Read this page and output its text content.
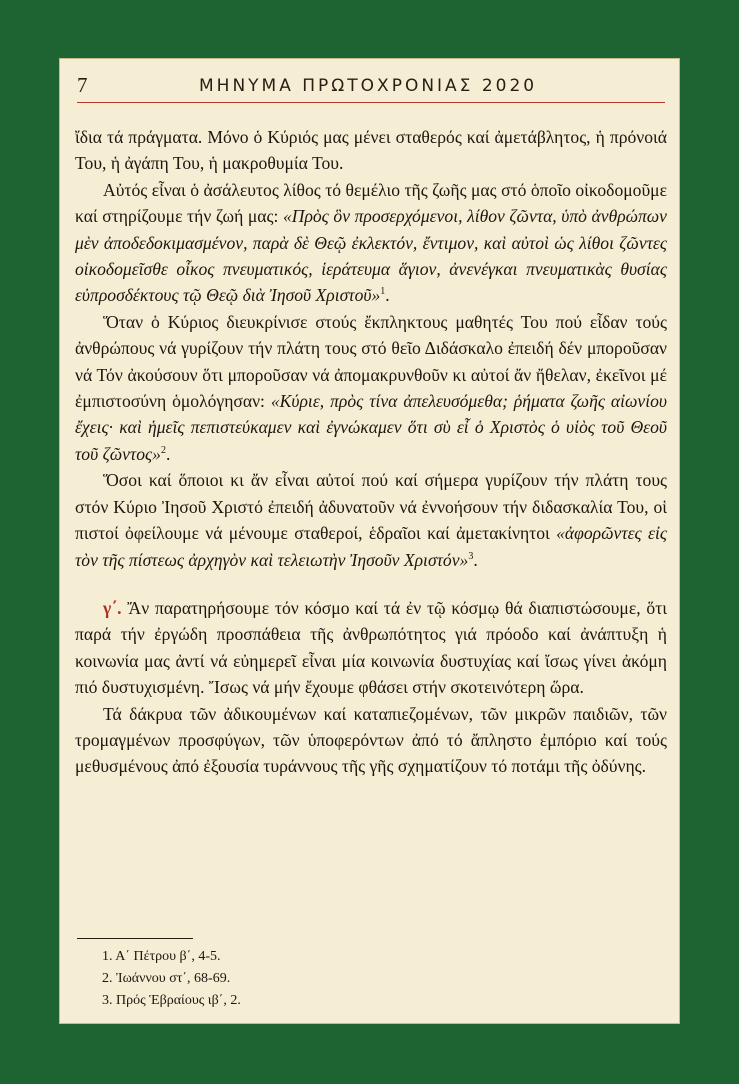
7	ΜΗΝΥΜΑ ΠΡΩΤΟΧΡΟΝΙΑΣ 2020

ἴδια τά πράγματα. Μόνο ὁ Κύριός μας μένει σταθερός καί ἀμετάβλητος, ἡ πρόνοιά Του, ἡ ἀγάπη Του, ἡ μακροθυμία Του.

Αὐτός εἶναι ὁ ἀσάλευτος λίθος τό θεμέλιο τῆς ζωῆς μας στό ὁποῖο οἰκοδομοῦμε καί στηρίζουμε τήν ζωή μας: «Πρὸς ὃν προσερχόμενοι, λίθον ζῶντα, ὑπὸ ἀνθρώπων μὲν ἀποδεδοκιμασμένον, παρὰ δὲ Θεῷ ἐκλεκτόν, ἔντιμον, καὶ αὐτοὶ ὡς λίθοι ζῶντες οἰκοδομεῖσθε οἶκος πνευματικός, ἱεράτευμα ἅγιον, ἀνενέγκαι πνευματικὰς θυσίας εὐπροσδέκτους τῷ Θεῷ διὰ Ἰησοῦ Χριστοῦ»$^1$.

Ὅταν ὁ Κύριος διευκρίνισε στούς ἔκπληκτους μαθητές Του πού εἶδαν τούς ἀνθρώπους νά γυρίζουν τήν πλάτη τους στό θεῖο Διδάσκαλο ἐπειδή δέν μποροῦσαν νά Τόν ἀκούσουν ὅτι μποροῦσαν νά ἀπομακρυνθοῦν κι αὐτοί ἄν ἤθελαν, ἐκεῖνοι μέ ἐμπιστοσύνη ὁμολόγησαν: «Κύριε, πρὸς τίνα ἀπελευσόμεθα; ῥήματα ζωῆς αἰωνίου ἔχεις· καὶ ἡμεῖς πεπιστεύκαμεν καὶ ἐγνώκαμεν ὅτι σὺ εἶ ὁ Χριστὸς ὁ υἱὸς τοῦ Θεοῦ τοῦ ζῶντος»$^2$.

Ὅσοι καί ὅποιοι κι ἄν εἶναι αὐτοί πού καί σήμερα γυρίζουν τήν πλάτη τους στόν Κύριο Ἰησοῦ Χριστό ἐπειδή ἀδυνατοῦν νά ἐννοήσουν τήν διδασκαλία Του, οἱ πιστοί ὀφείλουμε νά μένουμε σταθεροί, ἑδραῖοι καί ἀμετακίνητοι «ἀφορῶντες εἰς τὸν τῆς πίστεως ἀρχηγὸν καὶ τελειωτὴν Ἰησοῦν Χριστόν»$^3$.

γ΄. Ἄν παρατηρήσουμε τόν κόσμο καί τά ἐν τῷ κόσμῳ θά διαπιστώσουμε, ὅτι παρά τήν ἐργώδη προσπάθεια τῆς ἀνθρωπότητος γιά πρόοδο καί ἀνάπτυξη ἡ κοινωνία μας ἀντί νά εὐημερεῖ εἶναι μία κοινωνία δυστυχίας καί ἴσως γίνει ἀκόμη πιό δυστυχισμένη. Ἴσως νά μήν ἔχουμε φθάσει στήν σκοτεινότερη ὥρα.

Τά δάκρυα τῶν ἀδικουμένων καί καταπιεζομένων, τῶν μικρῶν παιδιῶν, τῶν τρομαγμένων προσφύγων, τῶν ὑποφερόντων ἀπό τό ἄπληστο ἐμπόριο καί τούς μεθυσμένους ἀπό ἐξουσία τυράννους τῆς γῆς σχηματίζουν τό ποτάμι τῆς ὀδύνης.

1. Α΄ Πέτρου β΄, 4-5.
2. Ἰωάννου στ΄, 68-69.
3. Πρός Ἑβραίους ιβ΄, 2.
